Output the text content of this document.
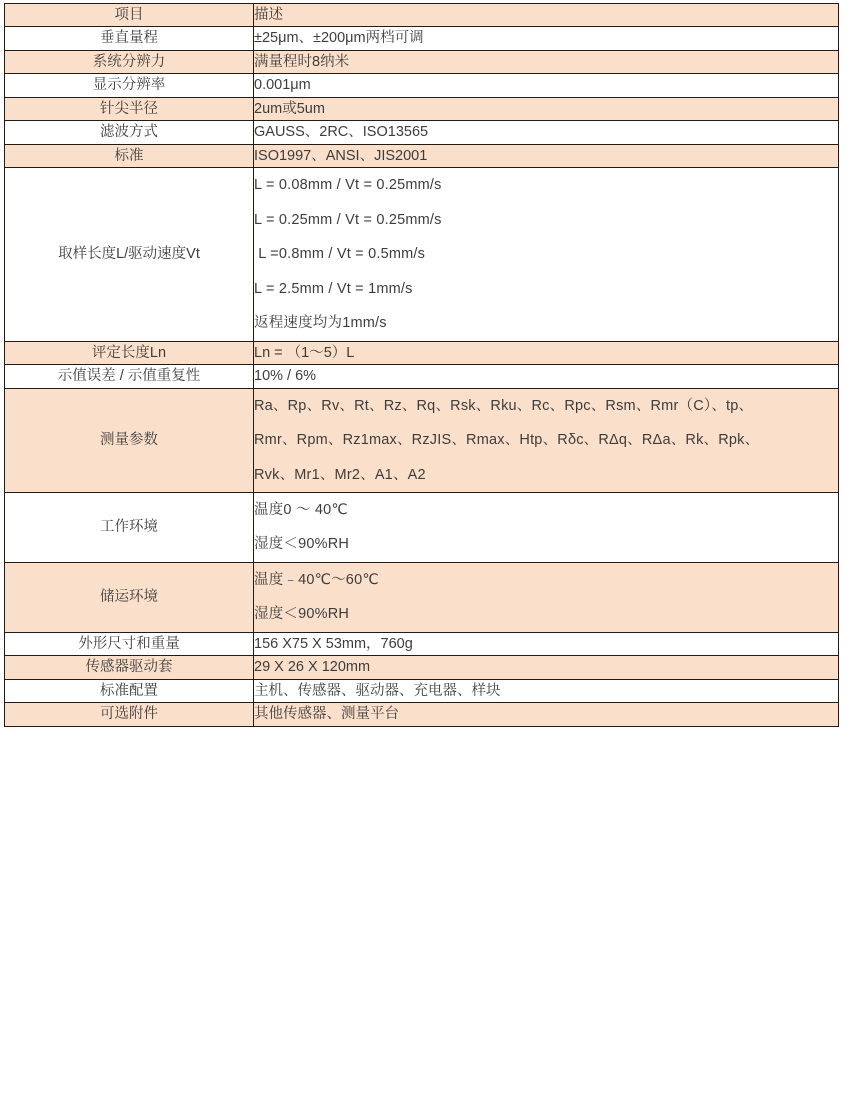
项目	描述
垂直量程	±25μm、±200μm两档可调
系统分辨力	满量程时8纳米
显示分辨率	0.001μm
针尖半径	2um或5um
滤波方式	GAUSS、2RC、ISO13565
标准	ISO1997、ANSI、JIS2001
取样长度L/驱动速度Vt	L = 0.08mm / Vt = 0.25mm/s
L = 0.25mm / Vt = 0.25mm/s
L =0.8mm / Vt = 0.5mm/s
L = 2.5mm / Vt = 1mm/s
返程速度均为1mm/s

评定长度Ln	Ln = （1～5）L
示值误差 / 示值重复性	10% / 6%
测量参数	Ra、Rp、Rv、Rt、Rz、Rq、Rsk、Rku、Rc、Rpc、Rsm、Rmr（C）、tp、
Rmr、Rpm、Rz1max、RzJIS、Rmax、Htp、Rδc、RΔq、RΔa、Rk、Rpk、
Rvk、Mr1、Mr2、A1、A2

工作环境	温度0 ～ 40℃
湿度＜90%RH

储运环境	温度﹣40℃～60℃
湿度＜90%RH

外形尺寸和重量	156 X75 X 53mm，760g
传感器驱动套	29 X 26 X 120mm
标准配置	主机、传感器、驱动器、充电器、样块
可选附件	其他传感器、测量平台
